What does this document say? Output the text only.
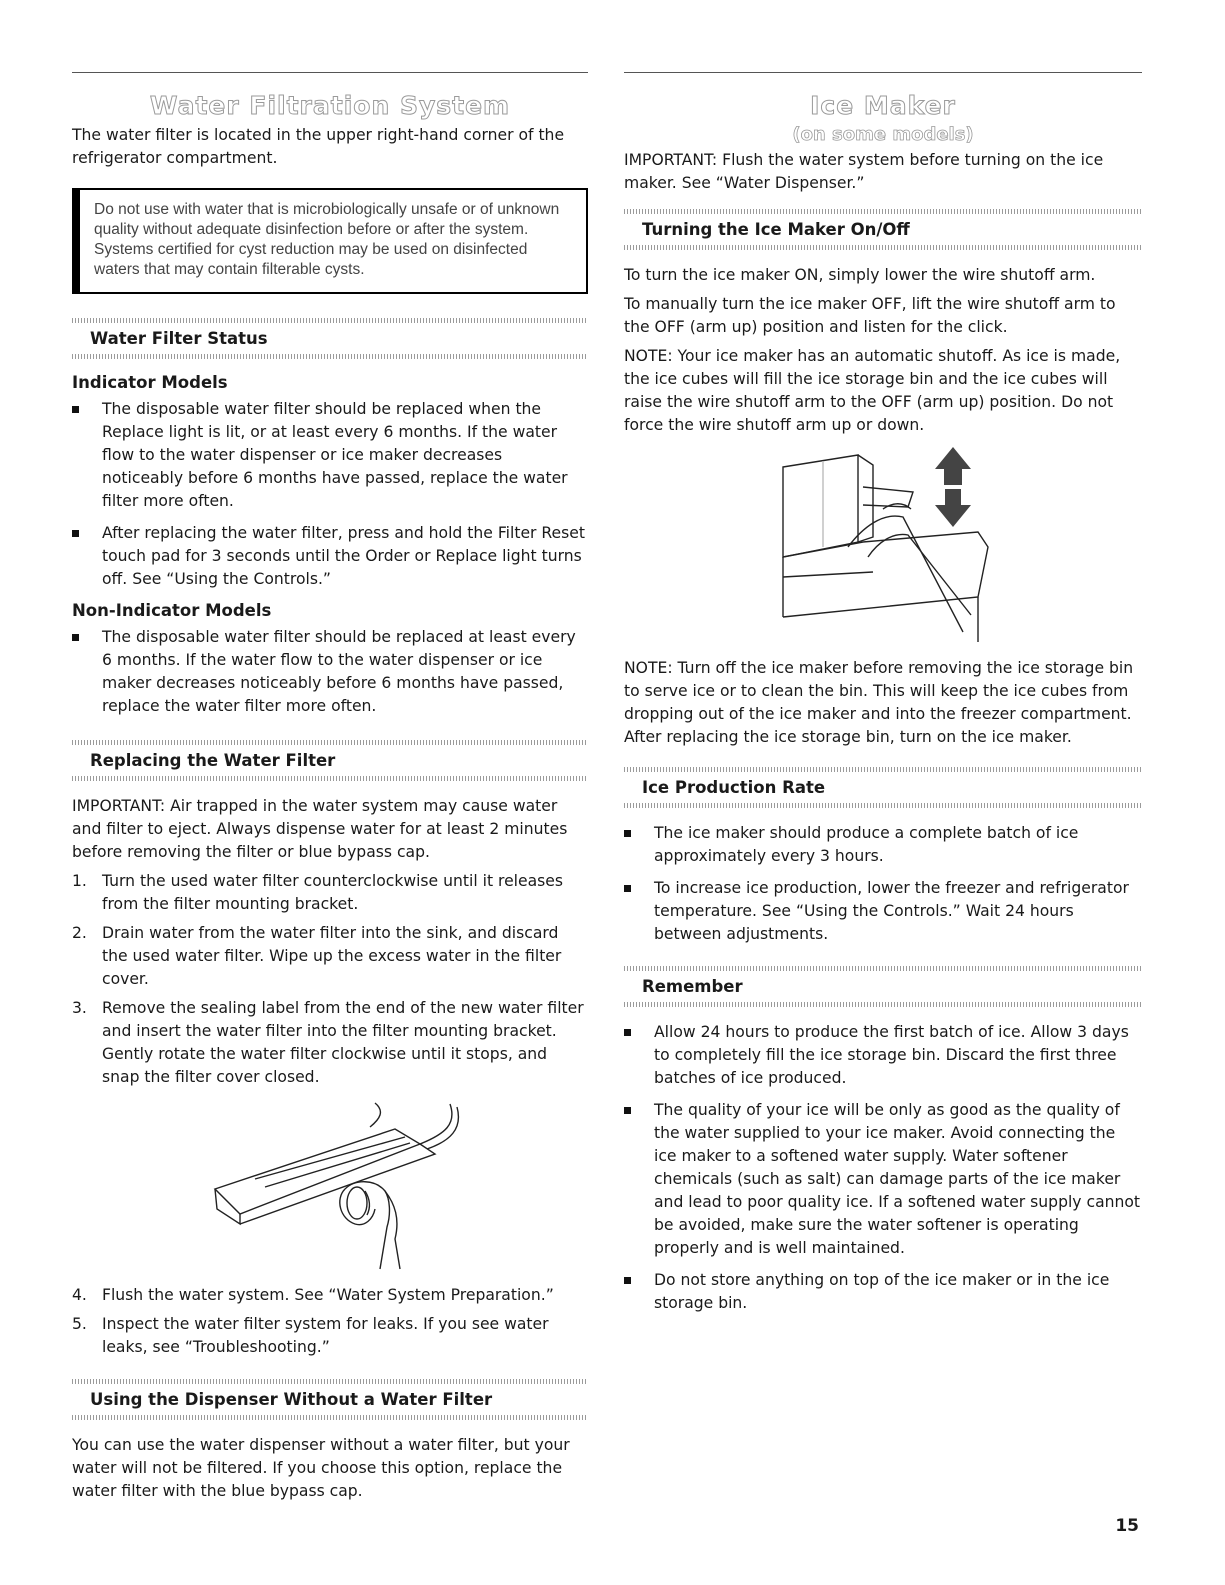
Water Filtration System

The water filter is located in the upper right-hand corner of the refrigerator compartment.

Do not use with water that is microbiologically unsafe or of unknown quality without adequate disinfection before or after the system. Systems certified for cyst reduction may be used on disinfected waters that may contain filterable cysts.
Water Filter Status
Indicator Models
The disposable water filter should be replaced when the Replace light is lit, or at least every 6 months. If the water flow to the water dispenser or ice maker decreases noticeably before 6 months have passed, replace the water filter more often.
After replacing the water filter, press and hold the Filter Reset touch pad for 3 seconds until the Order or Replace light turns off. See “Using the Controls.”
Non-Indicator Models
The disposable water filter should be replaced at least every 6 months. If the water flow to the water dispenser or ice maker decreases noticeably before 6 months have passed, replace the water filter more often.
Replacing the Water Filter

IMPORTANT: Air trapped in the water system may cause water and filter to eject. Always dispense water for at least 2 minutes before removing the filter or blue bypass cap.

1. Turn the used water filter counterclockwise until it releases from the filter mounting bracket.
2. Drain water from the water filter into the sink, and discard the used water filter. Wipe up the excess water in the filter cover.
3. Remove the sealing label from the end of the new water filter and insert the water filter into the filter mounting bracket. Gently rotate the water filter clockwise until it stops, and snap the filter cover closed.
4. Flush the water system. See “Water System Preparation.”
5. Inspect the water filter system for leaks. If you see water leaks, see “Troubleshooting.”
Using the Dispenser Without a Water Filter

You can use the water dispenser without a water filter, but your water will not be filtered. If you choose this option, replace the water filter with the blue bypass cap.

Ice Maker
(on some models)

IMPORTANT: Flush the water system before turning on the ice maker. See “Water Dispenser.”

Turning the Ice Maker On/Off

To turn the ice maker ON, simply lower the wire shutoff arm.

To manually turn the ice maker OFF, lift the wire shutoff arm to the OFF (arm up) position and listen for the click.

NOTE: Your ice maker has an automatic shutoff. As ice is made, the ice cubes will fill the ice storage bin and the ice cubes will raise the wire shutoff arm to the OFF (arm up) position. Do not force the wire shutoff arm up or down.

NOTE: Turn off the ice maker before removing the ice storage bin to serve ice or to clean the bin. This will keep the ice cubes from dropping out of the ice maker and into the freezer compartment. After replacing the ice storage bin, turn on the ice maker.

Ice Production Rate
The ice maker should produce a complete batch of ice approximately every 3 hours.
To increase ice production, lower the freezer and refrigerator temperature. See “Using the Controls.” Wait 24 hours between adjustments.
Remember
Allow 24 hours to produce the first batch of ice. Allow 3 days to completely fill the ice storage bin. Discard the first three batches of ice produced.
The quality of your ice will be only as good as the quality of the water supplied to your ice maker. Avoid connecting the ice maker to a softened water supply. Water softener chemicals (such as salt) can damage parts of the ice maker and lead to poor quality ice. If a softened water supply cannot be avoided, make sure the water softener is operating properly and is well maintained.
Do not store anything on top of the ice maker or in the ice storage bin.
15
